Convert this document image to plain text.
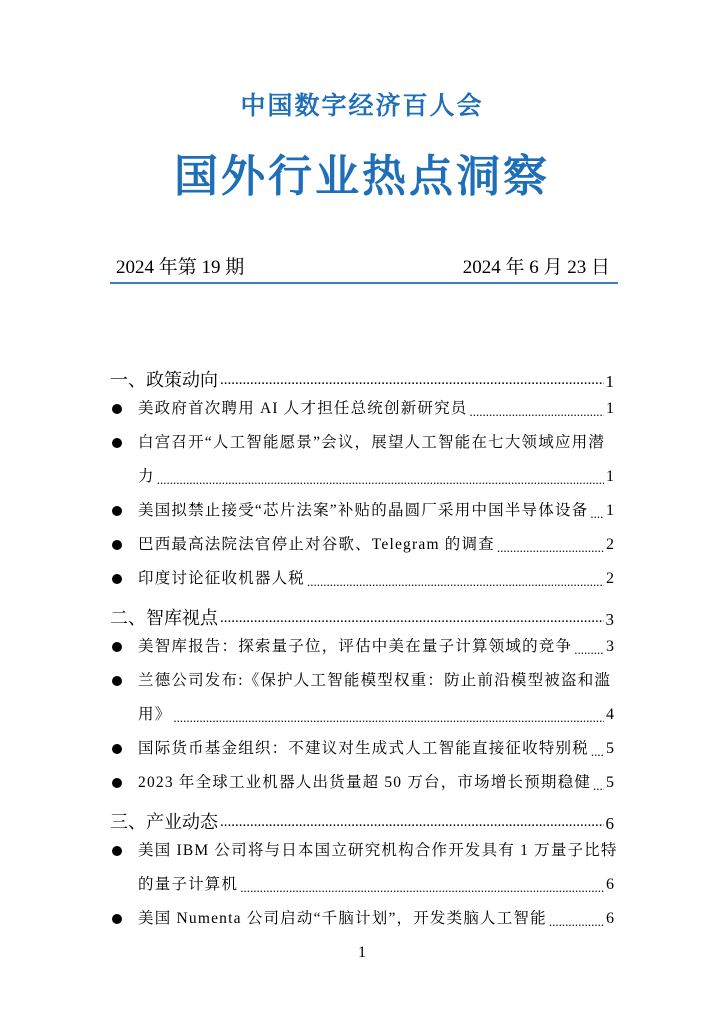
中国数字经济百人会
国外行业热点洞察
2024 年第 19 期	2024 年 6 月 23 日
一、政策动向 .....	1
美政府首次聘用 AI 人才担任总统创新研究员 .....	1
白宫召开“人工智能愿景”会议，展望人工智能在七大领域应用潜
力 .....	1
美国拟禁止接受“芯片法案”补贴的晶圆厂采用中国半导体设备 ..... 1
巴西最高法院法官停止对谷歌、Telegram 的调查 .....	2
印度讨论征收机器人税 .....	2
二、智库视点 .....	3
美智库报告：探索量子位，评估中美在量子计算领域的竞争 ..... 3
兰德公司发布:《保护人工智能模型权重：防止前沿模型被盗和滥
用》 .....	4
国际货币基金组织：不建议对生成式人工智能直接征收特别税 ..... 5
2023 年全球工业机器人出货量超 50 万台，市场增长预期稳健 ..... 5
三、产业动态 .....	6
美国 IBM 公司将与日本国立研究机构合作开发具有 1 万量子比特
的量子计算机 .....	6
美国 Numenta 公司启动“千脑计划”，开发类脑人工智能 .....	6
1
